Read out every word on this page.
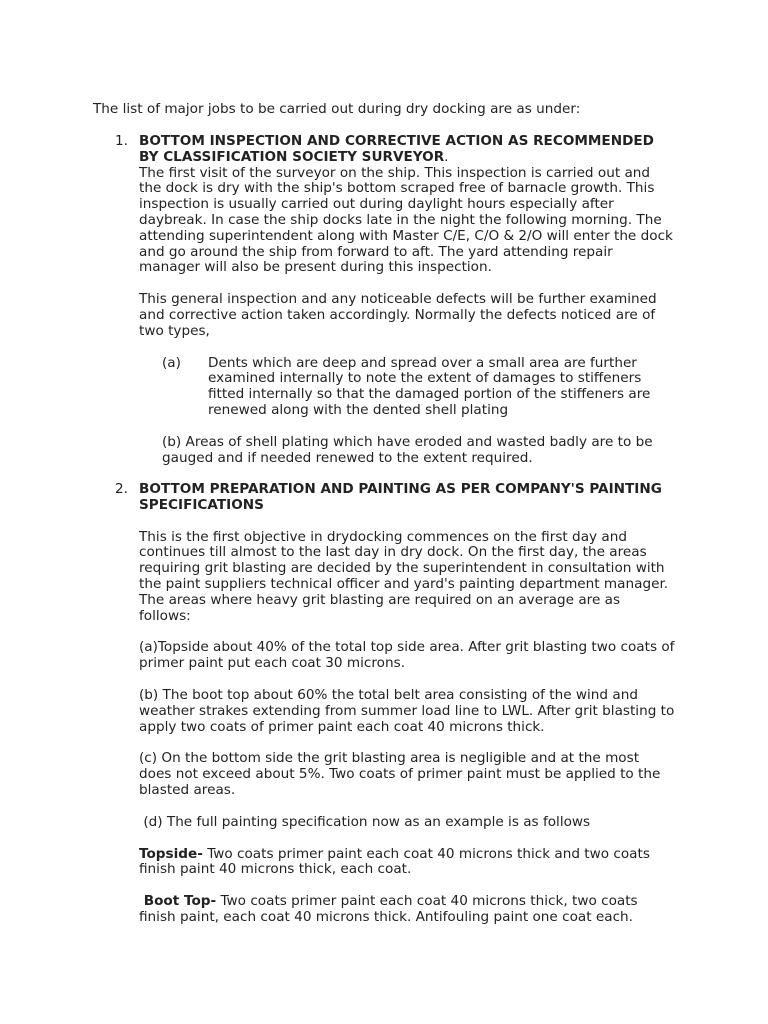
The list of major jobs to be carried out during dry docking are as under:

1. BOTTOM INSPECTION AND CORRECTIVE ACTION AS RECOMMENDED BY CLASSIFICATION SOCIETY SURVEYOR.

The first visit of the surveyor on the ship. This inspection is carried out and the dock is dry with the ship's bottom scraped free of barnacle growth. This inspection is usually carried out during daylight hours especially after daybreak. In case the ship docks late in the night the following morning. The attending superintendent along with Master C/E, C/O & 2/O will enter the dock and go around the ship from forward to aft. The yard attending repair manager will also be present during this inspection.

This general inspection and any noticeable defects will be further examined and corrective action taken accordingly. Normally the defects noticed are of two types,

(a) Dents which are deep and spread over a small area are further examined internally to note the extent of damages to stiffeners fitted internally so that the damaged portion of the stiffeners are renewed along with the dented shell plating

(b) Areas of shell plating which have eroded and wasted badly are to be gauged and if needed renewed to the extent required.

2. BOTTOM PREPARATION AND PAINTING AS PER COMPANY'S PAINTING SPECIFICATIONS

This is the first objective in drydocking commences on the first day and continues till almost to the last day in dry dock. On the first day, the areas requiring grit blasting are decided by the superintendent in consultation with the paint suppliers technical officer and yard's painting department manager. The areas where heavy grit blasting are required on an average are as follows:

(a)Topside about 40% of the total top side area. After grit blasting two coats of primer paint put each coat 30 microns.

(b) The boot top about 60% the total belt area consisting of the wind and weather strakes extending from summer load line to LWL. After grit blasting to apply two coats of primer paint each coat 40 microns thick.

(c) On the bottom side the grit blasting area is negligible and at the most does not exceed about 5%. Two coats of primer paint must be applied to the blasted areas.

(d) The full painting specification now as an example is as follows

Topside- Two coats primer paint each coat 40 microns thick and two coats finish paint 40 microns thick, each coat.

Boot Top- Two coats primer paint each coat 40 microns thick, two coats finish paint, each coat 40 microns thick. Antifouling paint one coat each.
